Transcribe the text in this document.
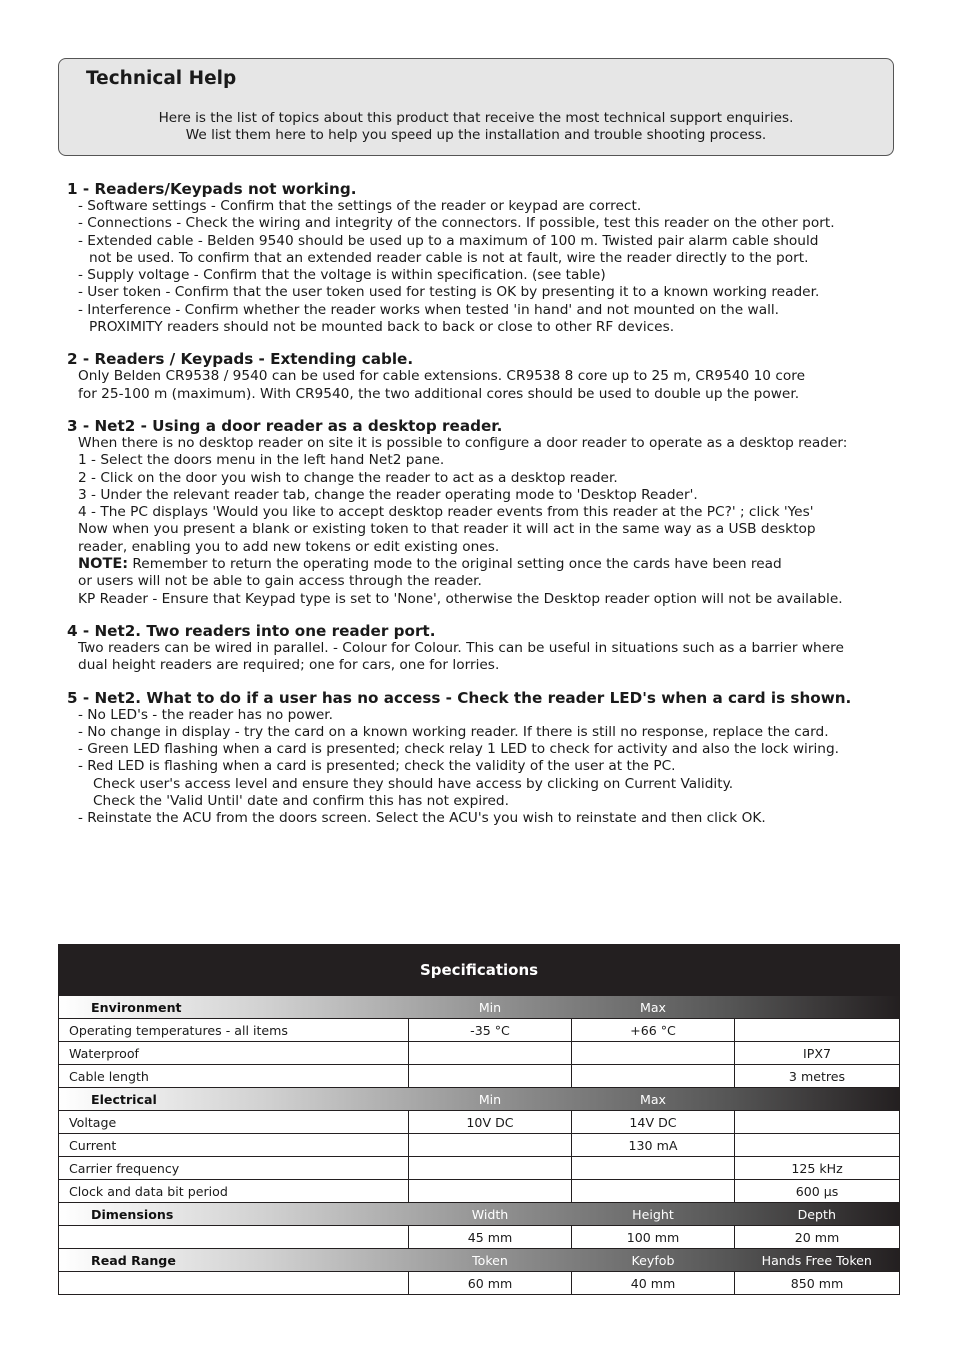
Technical Help
Here is the list of topics about this product that receive the most technical support enquiries.
We list them here to help you speed up the installation and trouble shooting process.
1 - Readers/Keypads not working.
- Software settings - Confirm that the settings of the reader or keypad are correct.
- Connections - Check the wiring and integrity of the connectors. If possible, test this reader on the other port.
- Extended cable - Belden 9540 should be used up to a maximum of 100 m. Twisted pair alarm cable should
not be used. To confirm that an extended reader cable is not at fault, wire the reader directly to the port.
- Supply voltage - Confirm that the voltage is within specification. (see table)
- User token - Confirm that the user token used for testing is OK by presenting it to a known working reader.
- Interference - Confirm whether the reader works when tested 'in hand' and not mounted on the wall.
PROXIMITY readers should not be mounted back to back or close to other RF devices.
2 - Readers / Keypads - Extending cable.
Only Belden CR9538 / 9540 can be used for cable extensions. CR9538 8 core up to 25 m, CR9540 10 core
for 25-100 m (maximum). With CR9540, the two additional cores should be used to double up the power.
3 - Net2 - Using a door reader as a desktop reader.
When there is no desktop reader on site it is possible to configure a door reader to operate as a desktop reader:
1 - Select the doors menu in the left hand Net2 pane.
2 - Click on the door you wish to change the reader to act as a desktop reader.
3 - Under the relevant reader tab, change the reader operating mode to 'Desktop Reader'.
4 - The PC displays 'Would you like to accept desktop reader events from this reader at the PC?' ; click 'Yes'
Now when you present a blank or existing token to that reader it will act in the same way as a USB desktop
reader, enabling you to add new tokens or edit existing ones.
NOTE: Remember to return the operating mode to the original setting once the cards have been read
or users will not be able to gain access through the reader.
KP Reader - Ensure that Keypad type is set to 'None', otherwise the Desktop reader option will not be available.
4 - Net2. Two readers into one reader port.
Two readers can be wired in parallel. - Colour for Colour. This can be useful in situations such as a barrier where
dual height readers are required; one for cars, one for lorries.
5 - Net2. What to do if a user has no access - Check the reader LED's when a card is shown.
- No LED's - the reader has no power.
- No change in display - try the card on a known working reader. If there is still no response, replace the card.
- Green LED flashing when a card is presented; check relay 1 LED to check for activity and also the lock wiring.
- Red LED is flashing when a card is presented; check the validity of the user at the PC.
Check user's access level and ensure they should have access by clicking on Current Validity.
Check the 'Valid Until' date and confirm this has not expired.
- Reinstate the ACU from the doors screen. Select the ACU's you wish to reinstate and then click OK.
Specifications			
Environment	Min	Max	
Operating temperatures - all items	-35 °C	+66 °C	
Waterproof			IPX7
Cable length			3 metres
Electrical	Min	Max	
Voltage	10V DC	14V DC	
Current		130 mA	
Carrier frequency			125 kHz
Clock and data bit period			600 µs
Dimensions	Width	Height	Depth
	45 mm	100 mm	20 mm
Read Range	Token	Keyfob	Hands Free Token
	60 mm	40 mm	850 mm
